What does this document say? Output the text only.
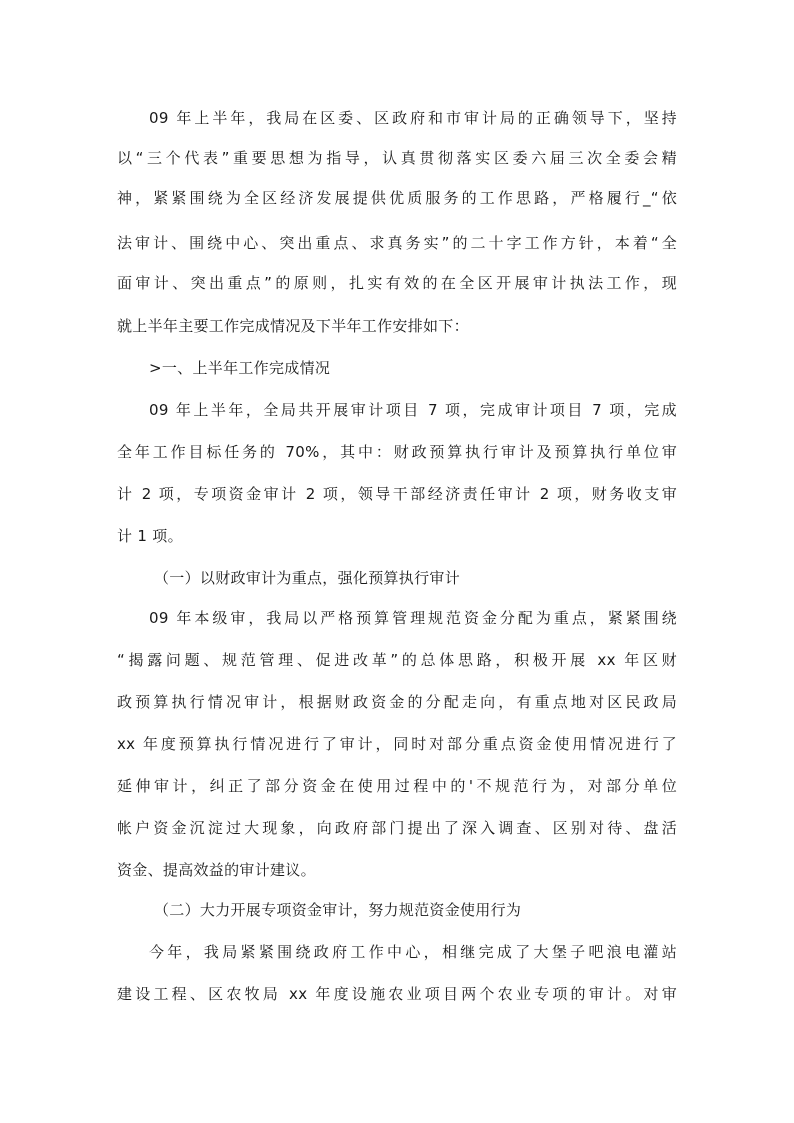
09 年上半年，我局在区委、区政府和市审计局的正确领导下，坚持
以“三个代表”重要思想为指导，认真贯彻落实区委六届三次全委会精
神，紧紧围绕为全区经济发展提供优质服务的工作思路，严格履行_“依
法审计、围绕中心、突出重点、求真务实”的二十字工作方针，本着“全
面审计、突出重点”的原则，扎实有效的在全区开展审计执法工作，现
就上半年主要工作完成情况及下半年工作安排如下：
>一、上半年工作完成情况
09 年上半年，全局共开展审计项目 7 项，完成审计项目 7 项，完成
全年工作目标任务的 70%，其中：财政预算执行审计及预算执行单位审
计 2 项，专项资金审计 2 项，领导干部经济责任审计 2 项，财务收支审
计 1 项。
（一）以财政审计为重点，强化预算执行审计
09 年本级审，我局以严格预算管理规范资金分配为重点，紧紧围绕
“揭露问题、规范管理、促进改革”的总体思路，积极开展 xx 年区财
政预算执行情况审计，根据财政资金的分配走向，有重点地对区民政局
xx 年度预算执行情况进行了审计，同时对部分重点资金使用情况进行了
延伸审计，纠正了部分资金在使用过程中的'不规范行为，对部分单位
帐户资金沉淀过大现象，向政府部门提出了深入调查、区别对待、盘活
资金、提高效益的审计建议。
（二）大力开展专项资金审计，努力规范资金使用行为
今年，我局紧紧围绕政府工作中心，相继完成了大堡子吧浪电灌站
建设工程、区农牧局 xx 年度设施农业项目两个农业专项的审计。对审
